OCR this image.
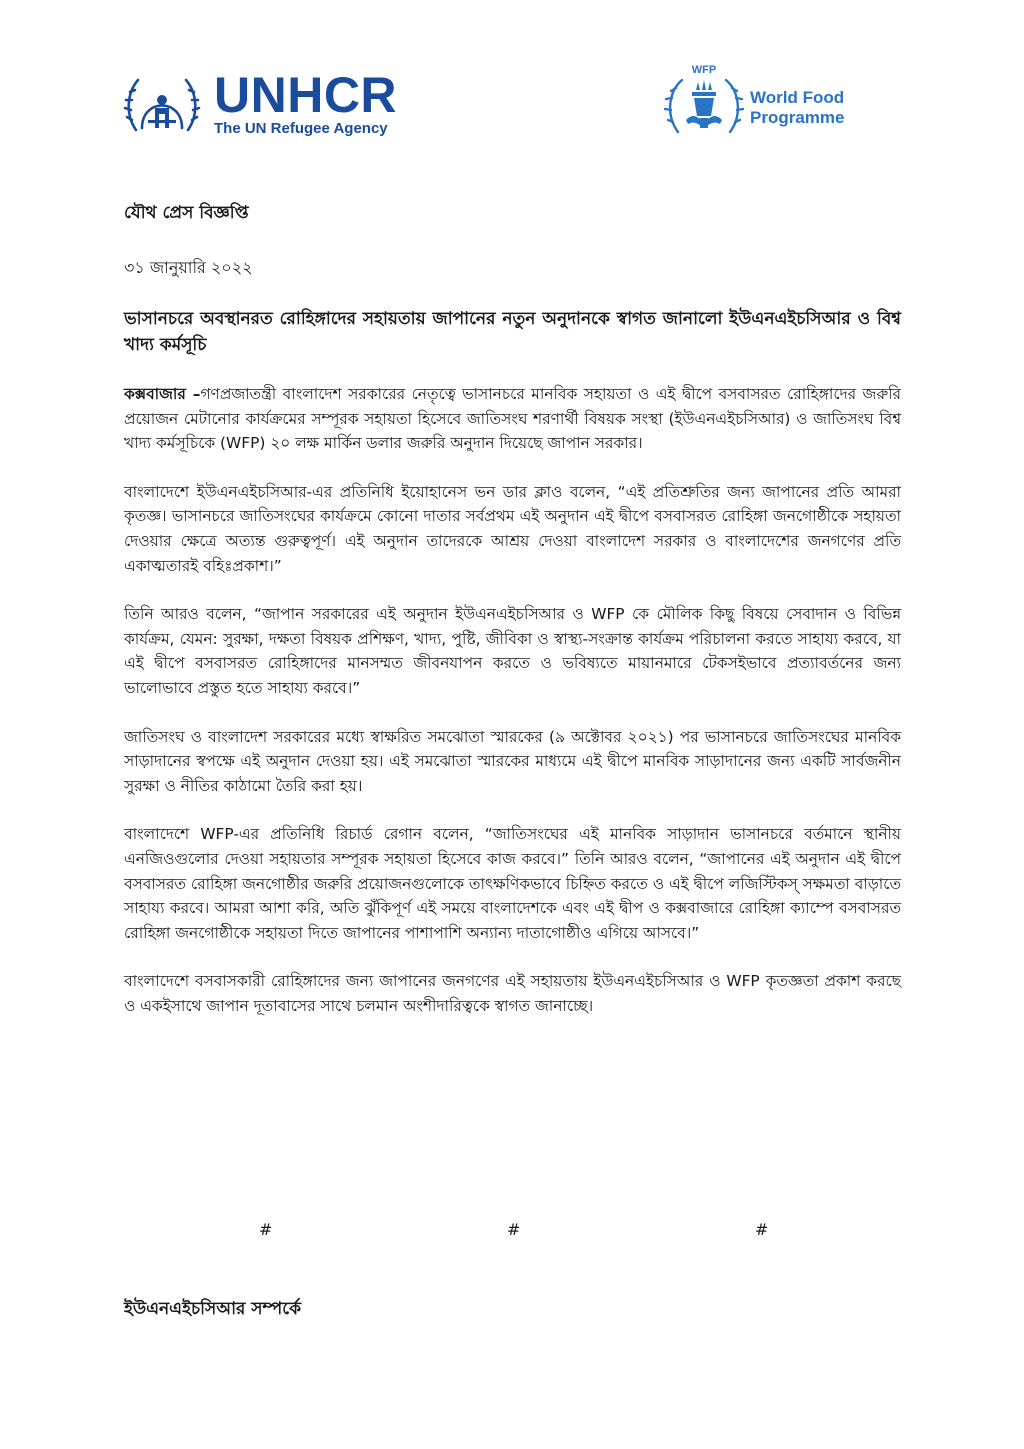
UNHCR
The UN Refugee Agency
WFP
World Food
Programme
যৌথ প্রেস বিজ্ঞপ্তি
৩১ জানুয়ারি ২০২২
ভাসানচরে অবস্থানরত রোহিঙ্গাদের সহায়তায় জাপানের নতুন অনুদানকে স্বাগত জানালো ইউএনএইচসিআর ও বিশ্ব খাদ্য কর্মসূচি

কক্সবাজার –গণপ্রজাতন্ত্রী বাংলাদেশ সরকারের নেতৃত্বে ভাসানচরে মানবিক সহায়তা ও এই দ্বীপে বসবাসরত রোহিঙ্গাদের জরুরি প্রয়োজন মেটানোর কার্যক্রমের সম্পূরক সহায়তা হিসেবে জাতিসংঘ শরণার্থী বিষয়ক সংস্থা (ইউএনএইচসিআর) ও জাতিসংঘ বিশ্ব খাদ্য কর্মসূচিকে (WFP) ২০ লক্ষ মার্কিন ডলার জরুরি অনুদান দিয়েছে জাপান সরকার।

বাংলাদেশে ইউএনএইচসিআর-এর প্রতিনিধি ইয়োহানেস ভন ডার ক্লাও বলেন, “এই প্রতিশ্রুতির জন্য জাপানের প্রতি আমরা কৃতজ্ঞ। ভাসানচরে জাতিসংঘের কার্যক্রমে কোনো দাতার সর্বপ্রথম এই অনুদান এই দ্বীপে বসবাসরত রোহিঙ্গা জনগোষ্ঠীকে সহায়তা দেওয়ার ক্ষেত্রে অত্যন্ত গুরুত্বপূর্ণ। এই অনুদান তাদেরকে আশ্রয় দেওয়া বাংলাদেশ সরকার ও বাংলাদেশের জনগণের প্রতি একাত্মতারই বহিঃপ্রকাশ।”

তিনি আরও বলেন, “জাপান সরকারের এই অনুদান ইউএনএইচসিআর ও WFP কে মৌলিক কিছু বিষয়ে সেবাদান ও বিভিন্ন কার্যক্রম, যেমন: সুরক্ষা, দক্ষতা বিষয়ক প্রশিক্ষণ, খাদ্য, পুষ্টি, জীবিকা ও স্বাস্থ্য-সংক্রান্ত কার্যক্রম পরিচালনা করতে সাহায্য করবে, যা এই দ্বীপে বসবাসরত রোহিঙ্গাদের মানসম্মত জীবনযাপন করতে ও ভবিষ্যতে মায়ানমারে টেকসইভাবে প্রত্যাবর্তনের জন্য ভালোভাবে প্রস্তুত হতে সাহায্য করবে।”

জাতিসংঘ ও বাংলাদেশ সরকারের মধ্যে স্বাক্ষরিত সমঝোতা স্মারকের (৯ অক্টোবর ২০২১) পর ভাসানচরে জাতিসংঘের মানবিক সাড়াদানের স্বপক্ষে এই অনুদান দেওয়া হয়। এই সমঝোতা স্মারকের মাধ্যমে এই দ্বীপে মানবিক সাড়াদানের জন্য একটি সার্বজনীন সুরক্ষা ও নীতির কাঠামো তৈরি করা হয়।

বাংলাদেশে WFP-এর প্রতিনিধি রিচার্ড রেগান বলেন, “জাতিসংঘের এই মানবিক সাড়াদান ভাসানচরে বর্তমানে স্থানীয় এনজিওগুলোর দেওয়া সহায়তার সম্পূরক সহায়তা হিসেবে কাজ করবে।” তিনি আরও বলেন, “জাপানের এই অনুদান এই দ্বীপে বসবাসরত রোহিঙ্গা জনগোষ্ঠীর জরুরি প্রয়োজনগুলোকে তাৎক্ষণিকভাবে চিহ্নিত করতে ও এই দ্বীপে লজিস্টিকস্ সক্ষমতা বাড়াতে সাহায্য করবে। আমরা আশা করি, অতি ঝুঁকিপূর্ণ এই সময়ে বাংলাদেশকে এবং এই দ্বীপ ও কক্সবাজারে রোহিঙ্গা ক্যাম্পে বসবাসরত রোহিঙ্গা জনগোষ্ঠীকে সহায়তা দিতে জাপানের পাশাপাশি অন্যান্য দাতাগোষ্ঠীও এগিয়ে আসবে।”

বাংলাদেশে বসবাসকারী রোহিঙ্গাদের জন্য জাপানের জনগণের এই সহায়তায় ইউএনএইচসিআর ও WFP কৃতজ্ঞতা প্রকাশ করছে ও একইসাথে জাপান দূতাবাসের সাথে চলমান অংশীদারিত্বকে স্বাগত জানাচ্ছে।

#	#	#
ইউএনএইচসিআর সম্পর্কে
